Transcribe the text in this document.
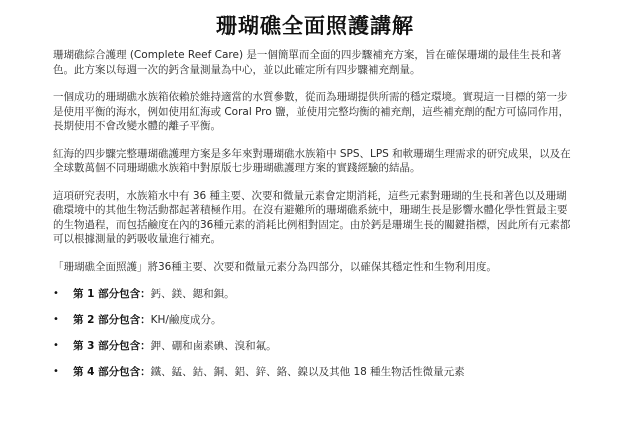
珊瑚礁全面照護講解

珊瑚礁綜合護理 (Complete Reef Care) 是一個簡單而全面的四步驟補充方案，旨在確保珊瑚的最佳生長和著色。此方案以每週一次的鈣含量測量為中心，並以此確定所有四步驟補充劑量。

一個成功的珊瑚礁水族箱依賴於維持適當的水質參數，從而為珊瑚提供所需的穩定環境。實現這一目標的第一步是使用平衡的海水，例如使用紅海或 Coral Pro 鹽，並使用完整均衡的補充劑，這些補充劑的配方可協同作用，長期使用不會改變水體的離子平衡。

紅海的四步驟完整珊瑚礁護理方案是多年來對珊瑚礁水族箱中 SPS、LPS 和軟珊瑚生理需求的研究成果，以及在全球數萬個不同珊瑚礁水族箱中對原版七步珊瑚礁護理方案的實踐經驗的結晶。

這項研究表明，水族箱水中有 36 種主要、次要和微量元素會定期消耗，這些元素對珊瑚的生長和著色以及珊瑚礁環境中的其他生物活動都起著積極作用。在沒有避難所的珊瑚礁系統中，珊瑚生長是影響水體化學性質最主要的生物過程，而包括鹼度在內的36種元素的消耗比例相對固定。由於鈣是珊瑚生長的關鍵指標，因此所有元素都可以根據測量的鈣吸收量進行補充。

「珊瑚礁全面照護」將36種主要、次要和微量元素分為四部分，以確保其穩定性和生物利用度。

• 第 1 部分包含：鈣、鎂、鍶和鋇。
• 第 2 部分包含：KH/鹼度成分。
• 第 3 部分包含：鉀、硼和鹵素碘、溴和氟。
• 第 4 部分包含：鐵、錳、鈷、銅、鋁、鋅、鉻、鎳以及其他 18 種生物活性微量元素
